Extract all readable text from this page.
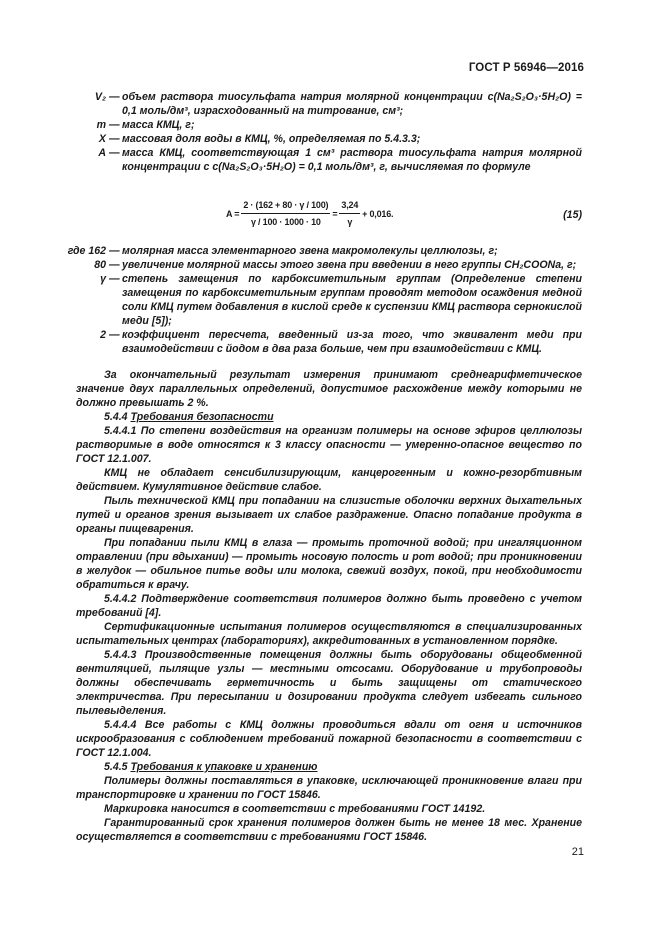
ГОСТ Р 56946—2016
V₂ — объем раствора тиосульфата натрия молярной концентрации c(Na₂S₂O₃·5H₂O) = 0,1 моль/дм³, израсходованный на титрование, см³;
m — масса КМЦ, г;
X — массовая доля воды в КМЦ, %, определяемая по 5.4.3.3;
A — масса КМЦ, соответствующая 1 см³ раствора тиосульфата натрия молярной концентрации с c(Na₂S₂O₃·5H₂O) = 0,1 моль/дм³, г, вычисляемая по формуле
$A = \frac{2 \cdot (162 + 80 \cdot \gamma / 100)}{\gamma / 100 \cdot 1000 \cdot 10} = \frac{3,24}{\gamma} + 0,016$.	(15)
где 162 — молярная масса элементарного звена макромолекулы целлюлозы, г;
80 — увеличение молярной массы этого звена при введении в него группы CH₂COONa, г;
γ — степень замещения по карбоксиметильным группам (Определение степени замещения по карбоксиметильным группам проводят методом осаждения медной соли КМЦ путем добавления в кислой среде к суспензии КМЦ раствора сернокислой меди [5]);
2 — коэффициент пересчета, введенный из-за того, что эквивалент меди при взаимодействии с йодом в два раза больше, чем при взаимодействии с КМЦ.

За окончательный результат измерения принимают среднеарифметическое значение двух параллельных определений, допустимое расхождение между которыми не должно превышать 2 %.

5.4.4 Требования безопасности

5.4.4.1 По степени воздействия на организм полимеры на основе эфиров целлюлозы растворимые в воде относятся к 3 классу опасности — умеренно-опасное вещество по ГОСТ 12.1.007.

КМЦ не обладает сенсибилизирующим, канцерогенным и кожно-резорбтивным действием. Кумулятивное действие слабое.

Пыль технической КМЦ при попадании на слизистые оболочки верхних дыхательных путей и органов зрения вызывает их слабое раздражение. Опасно попадание продукта в органы пищеварения.

При попадании пыли КМЦ в глаза — промыть проточной водой; при ингаляционном отравлении (при вдыхании) — промыть носовую полость и рот водой; при проникновении в желудок — обильное питье воды или молока, свежий воздух, покой, при необходимости обратиться к врачу.

5.4.4.2 Подтверждение соответствия полимеров должно быть проведено с учетом требований [4].

Сертификационные испытания полимеров осуществляются в специализированных испытательных центрах (лабораториях), аккредитованных в установленном порядке.

5.4.4.3 Производственные помещения должны быть оборудованы общеобменной вентиляцией, пылящие узлы — местными отсосами. Оборудование и трубопроводы должны обеспечивать герметичность и быть защищены от статического электричества. При пересыпании и дозировании продукта следует избегать сильного пылевыделения.

5.4.4.4 Все работы с КМЦ должны проводиться вдали от огня и источников искрообразования с соблюдением требований пожарной безопасности в соответствии с ГОСТ 12.1.004.

5.4.5 Требования к упаковке и хранению

Полимеры должны поставляться в упаковке, исключающей проникновение влаги при транспортировке и хранении по ГОСТ 15846.

Маркировка наносится в соответствии с требованиями ГОСТ 14192.

Гарантированный срок хранения полимеров должен быть не менее 18 мес. Хранение осуществляется в соответствии с требованиями ГОСТ 15846.

21
